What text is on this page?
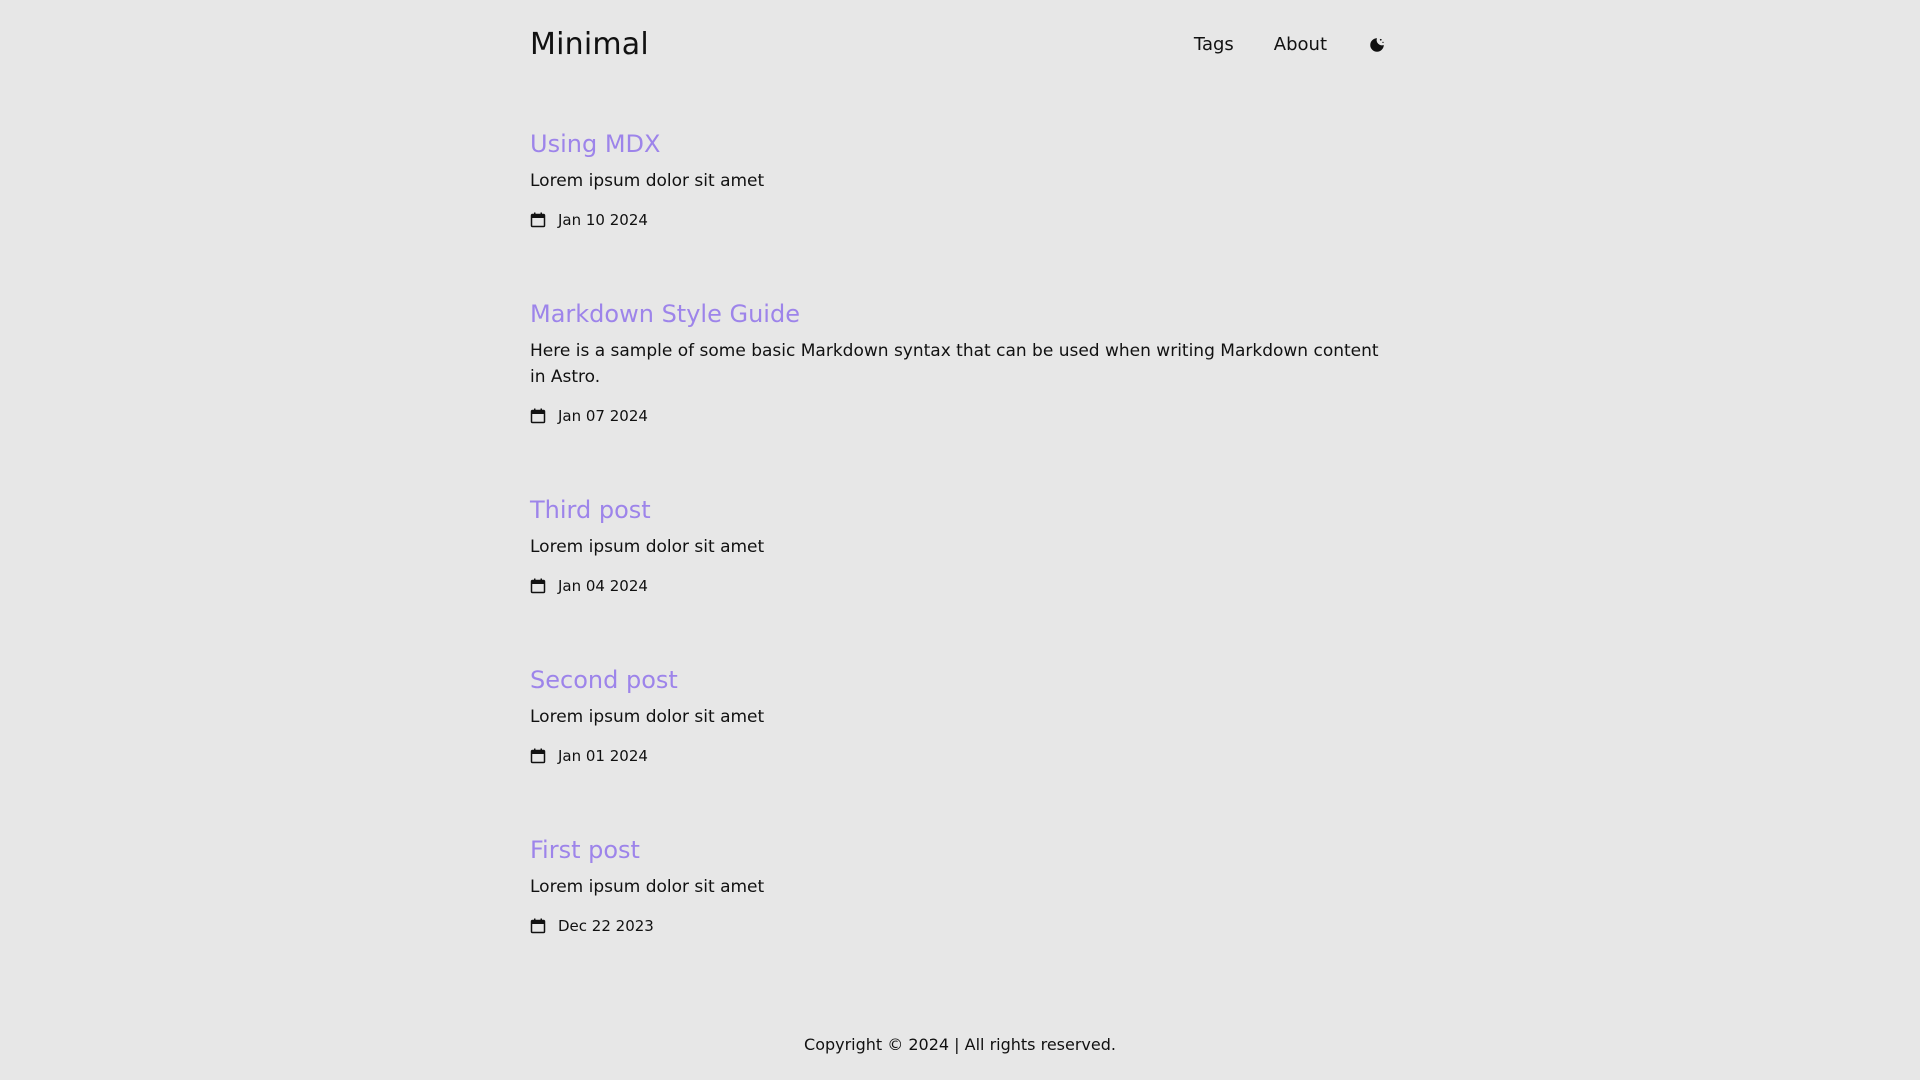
Minimal	Tags About
Using MDX
Lorem ipsum dolor sit amet
Jan 10 2024
Markdown Style Guide
Here is a sample of some basic Markdown syntax that can be used when writing Markdown content in Astro.
Jan 07 2024
Third post
Lorem ipsum dolor sit amet
Jan 04 2024
Second post
Lorem ipsum dolor sit amet
Jan 01 2024
First post
Lorem ipsum dolor sit amet
Dec 22 2023
Copyright © 2024 | All rights reserved.
